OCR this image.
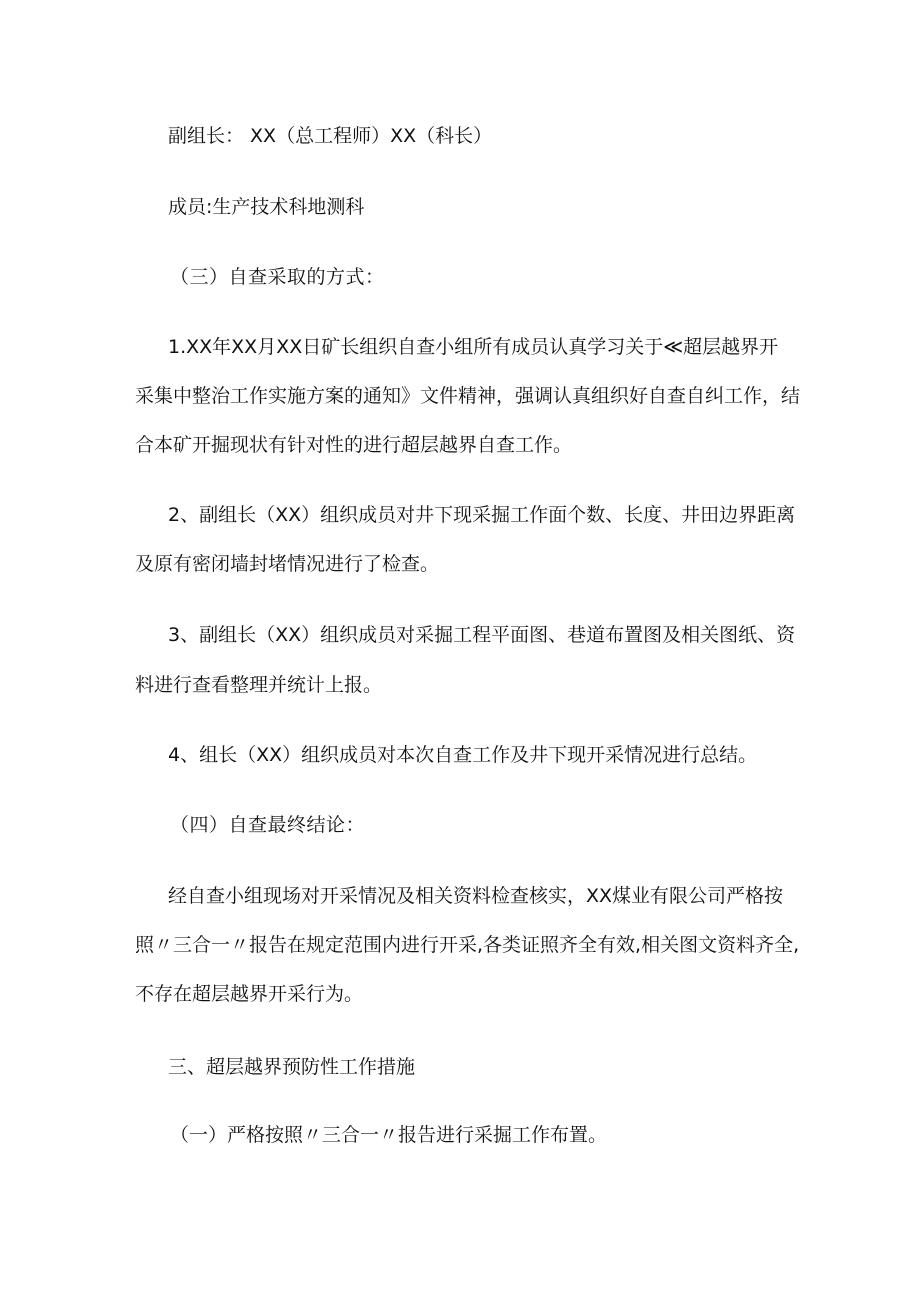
副组长： XX（总工程师）XX（科长）
成员:生产技术科地测科
（三）自查采取的方式：
1.XX年XX月XX日矿长组织自查小组所有成员认真学习关于≪超层越界开
采集中整治工作实施方案的通知》文件精神，强调认真组织好自查自纠工作，结
合本矿开掘现状有针对性的进行超层越界自查工作。
2、副组长（XX）组织成员对井下现采掘工作面个数、长度、井田边界距离
及原有密闭墙封堵情况进行了检查。
3、副组长（XX）组织成员对采掘工程平面图、巷道布置图及相关图纸、资
料进行查看整理并统计上报。
4、组长（XX）组织成员对本次自查工作及井下现开采情况进行总结。
（四）自查最终结论：
经自查小组现场对开采情况及相关资料检查核实，XX煤业有限公司严格按
照〃三合一〃报告在规定范围内进行开采,各类证照齐全有效,相关图文资料齐全,
不存在超层越界开采行为。
三、超层越界预防性工作措施
（一）严格按照〃三合一〃报告进行采掘工作布置。
